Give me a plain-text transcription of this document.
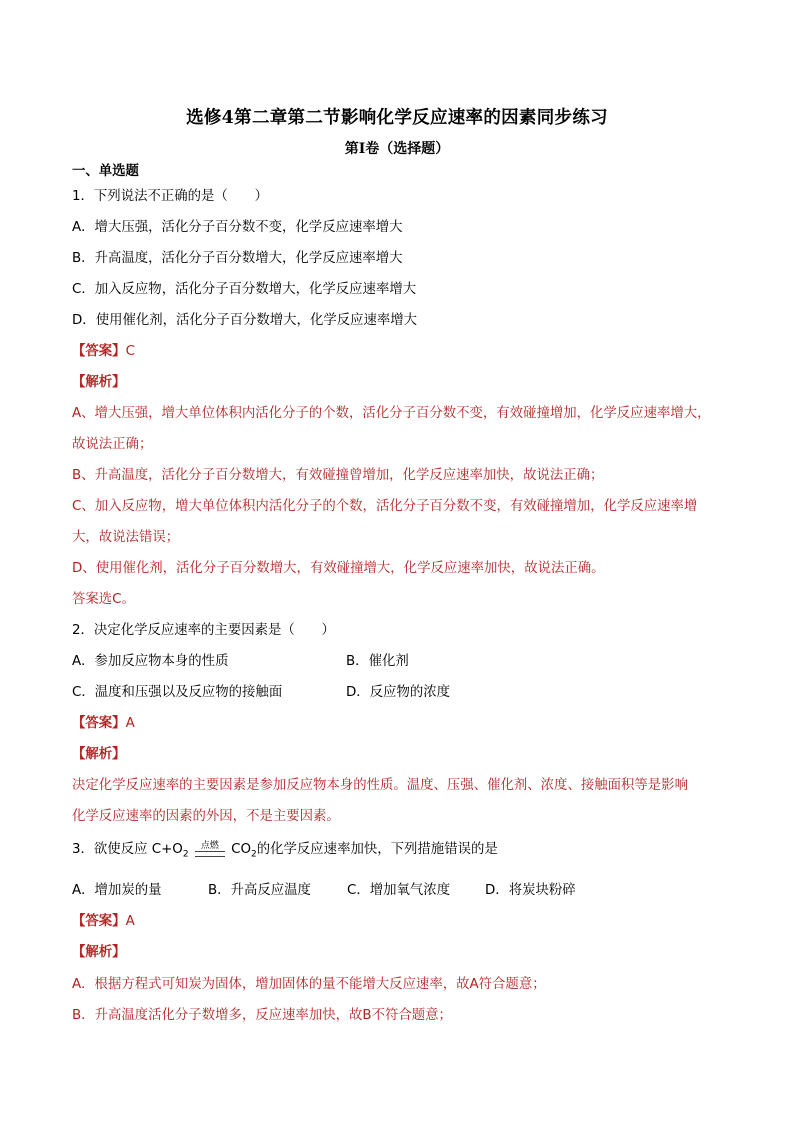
选修4第二章第二节影响化学反应速率的因素同步练习
第I卷（选择题）
一、单选题
1．下列说法不正确的是（　　）
A．增大压强，活化分子百分数不变，化学反应速率增大
B．升高温度，活化分子百分数增大，化学反应速率增大
C．加入反应物，活化分子百分数增大，化学反应速率增大
D．使用催化剂，活化分子百分数增大，化学反应速率增大
【答案】C
【解析】
A、增大压强，增大单位体积内活化分子的个数，活化分子百分数不变，有效碰撞增加，化学反应速率增大，
故说法正确；
B、升高温度，活化分子百分数增大，有效碰撞曾增加，化学反应速率加快，故说法正确；
C、加入反应物，增大单位体积内活化分子的个数，活化分子百分数不变，有效碰撞增加，化学反应速率增
大，故说法错误；
D、使用催化剂，活化分子百分数增大，有效碰撞增大，化学反应速率加快，故说法正确。
答案选C。
2．决定化学反应速率的主要因素是（　　）
A．参加反应物本身的性质	B．催化剂
C．温度和压强以及反应物的接触面	D．反应物的浓度
【答案】A
【解析】
决定化学反应速率的主要因素是参加反应物本身的性质。温度、压强、催化剂、浓度、接触面积等是影响
化学反应速率的因素的外因，不是主要因素。
3．欲使反应 $C+O_2$
点燃 $CO_2$的化学反应速率加快，下列措施错误的是
A．增加炭的量	B．升高反应温度	C．增加氧气浓度	D．将炭块粉碎
【答案】A
【解析】
A．根据方程式可知炭为固体，增加固体的量不能增大反应速率，故A符合题意；
B．升高温度活化分子数增多，反应速率加快，故B不符合题意；
